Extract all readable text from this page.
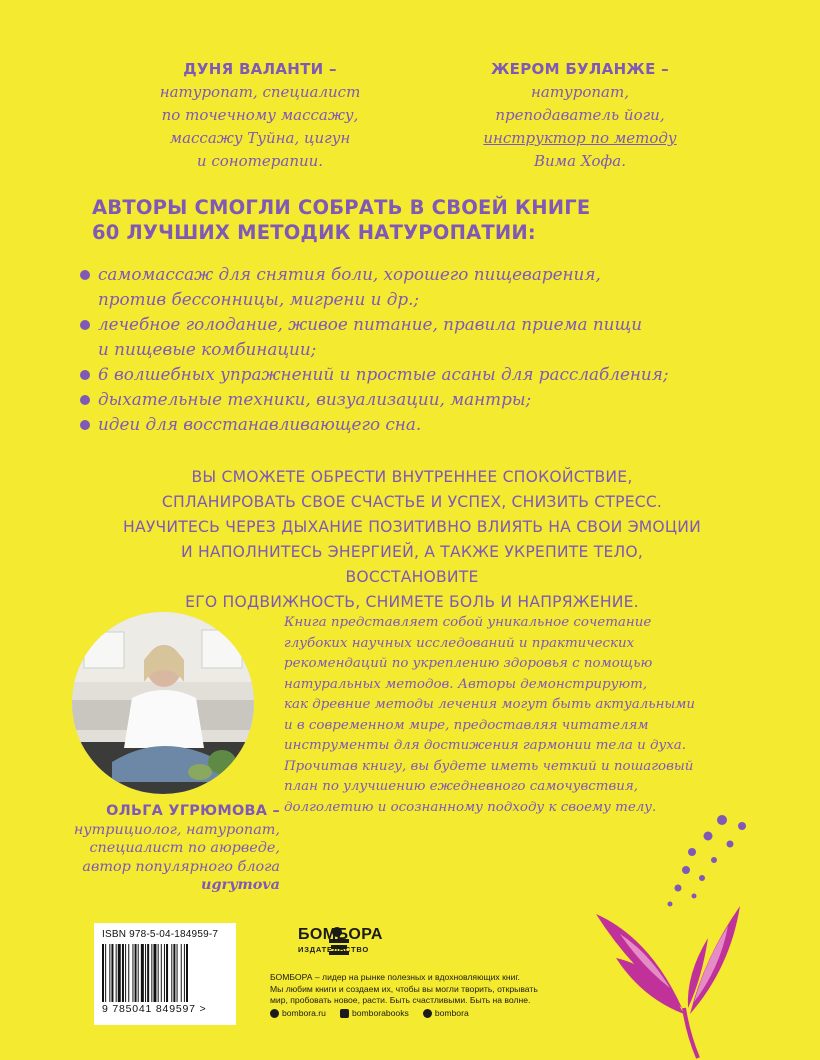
ДУНЯ ВАЛАНТИ –
натуропат, специалист
по точечному массажу,
массажу Туйна, цигун
и сонотерапии.
ЖЕРОМ БУЛАНЖЕ –
натуропат,
преподаватель йоги,
инструктор по методу
Вима Хофа.
АВТОРЫ СМОГЛИ СОБРАТЬ В СВОЕЙ КНИГЕ
60 ЛУЧШИХ МЕТОДИК НАТУРОПАТИИ:
самомассаж для снятия боли, хорошего пищеварения,
против бессонницы, мигрени и др.;
лечебное голодание, живое питание, правила приема пищи
и пищевые комбинации;
6 волшебных упражнений и простые асаны для расслабления;
дыхательные техники, визуализации, мантры;
идеи для восстанавливающего сна.
ВЫ СМОЖЕТЕ ОБРЕСТИ ВНУТРЕННЕЕ СПОКОЙСТВИЕ,
СПЛАНИРОВАТЬ СВОЕ СЧАСТЬЕ И УСПЕХ, СНИЗИТЬ СТРЕСС.
НАУЧИТЕСЬ ЧЕРЕЗ ДЫХАНИЕ ПОЗИТИВНО ВЛИЯТЬ НА СВОИ ЭМОЦИИ
И НАПОЛНИТЕСЬ ЭНЕРГИЕЙ, А ТАКЖЕ УКРЕПИТЕ ТЕЛО, ВОССТАНОВИТЕ
ЕГО ПОДВИЖНОСТЬ, СНИМЕТЕ БОЛЬ И НАПРЯЖЕНИЕ.
Книга представляет собой уникальное сочетание
глубоких научных исследований и практических
рекомендаций по укреплению здоровья с помощью
натуральных методов. Авторы демонстрируют,
как древние методы лечения могут быть актуальными
и в современном мире, предоставляя читателям
инструменты для достижения гармонии тела и духа.
Прочитав книгу, вы будете иметь четкий и пошаговый
план по улучшению ежедневного самочувствия,
долголетию и осознанному подходу к своему телу.
ОЛЬГА УГРЮМОВА –
нутрициолог, натуропат,
специалист по аюрведе,
автор популярного блога
ugrymova
ISBN 978-5-04-184959-7
9 785041 849597 >
БОМБОРА
ИЗДАТЕЛЬСТВО
БОМБОРА – лидер на рынке полезных и вдохновляющих книг.
Мы любим книги и создаем их, чтобы вы могли творить, открывать
мир, пробовать новое, расти. Быть счастливыми. Быть на волне.
bombora.ru	bomborabooks	bombora
